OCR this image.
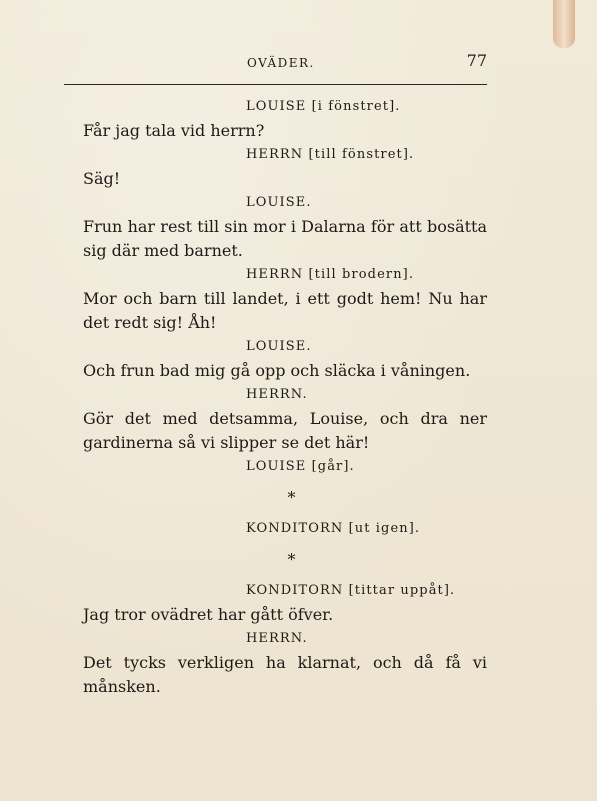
OVÄDER.	77

LOUISE [i fönstret].

Får jag tala vid herrn?

HERRN [till fönstret].

Säg!

LOUISE.

Frun har rest till sin mor i Dalarna för att bosätta sig där med barnet.

HERRN [till brodern].

Mor och barn till landet, i ett godt hem! Nu har det redt sig! Åh!

LOUISE.

Och frun bad mig gå opp och släcka i våningen.

HERRN.

Gör det med detsamma, Louise, och dra ner gardinerna så vi slipper se det här!

LOUISE [går].

*

KONDITORN [ut igen].

*

KONDITORN [tittar uppåt].

Jag tror ovädret har gått öfver.

HERRN.

Det tycks verkligen ha klarnat, och då få vi månsken.
